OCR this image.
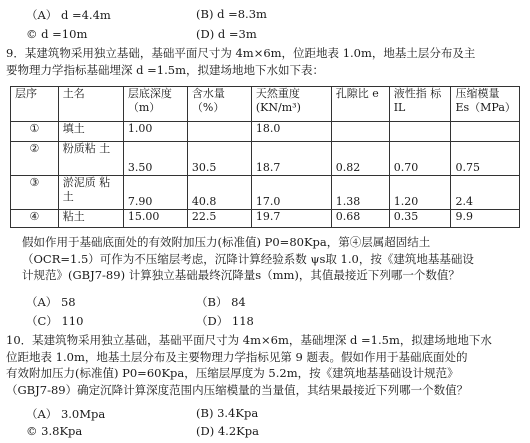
（A） d =4.4m	(B) d =8.3m
© d =10m	(D) d =3m
9．某建筑物采用独立基础，基础平面尺寸为 4m×6m，位距地表 1.0m，地基土层分布及主
要物理力学指标基础埋深 d =1.5m，拟建场地地下水如下表：
层序	土名	层底深度 （m）	含水量 （%）	天然重度 (KN/m³)	孔隙比 e	液性指 标IL	压缩模量 Es（MPa）
①	填土	1.00		18.0			
②	粉质粘 土	3.50	30.5	18.7	0.82	0.70	0.75
③	淤泥质 粘土	7.90	40.8	17.0	1.38	1.20	2.4
④	粘土	15.00	22.5	19.7	0.68	0.35	9.9
假如作用于基础底面处的有效附加压力(标准值) P0=80Kpa，第④层属超固结土
（OCR=1.5）可作为不压缩层考虑，沉降计算经验系数 ψs取 1.0，按《建筑地基基础设
计规范》(GBJ7-89) 计算独立基础最终沉降量s（mm)，其值最接近下列哪一个数值？
（A） 58	（B） 84
（C） 110	（D） 118
10．某建筑物采用独立基础，基础平面尺寸为 4m×6m，基础埋深 d =1.5m，拟建场地地下水
位距地表 1.0m，地基土层分布及主要物理力学指标见第 9 题表。假如作用于基础底面处的
有效附加压力(标准值) P0=60Kpa，压缩层厚度为 5.2m，按《建筑地基基础设计规范》
（GBJ7-89）确定沉降计算深度范围内压缩模量的当量值，其结果最接近下列哪一个数值？
（A） 3.0Mpa	(B) 3.4Kpa
© 3.8Kpa	(D) 4.2Kpa
